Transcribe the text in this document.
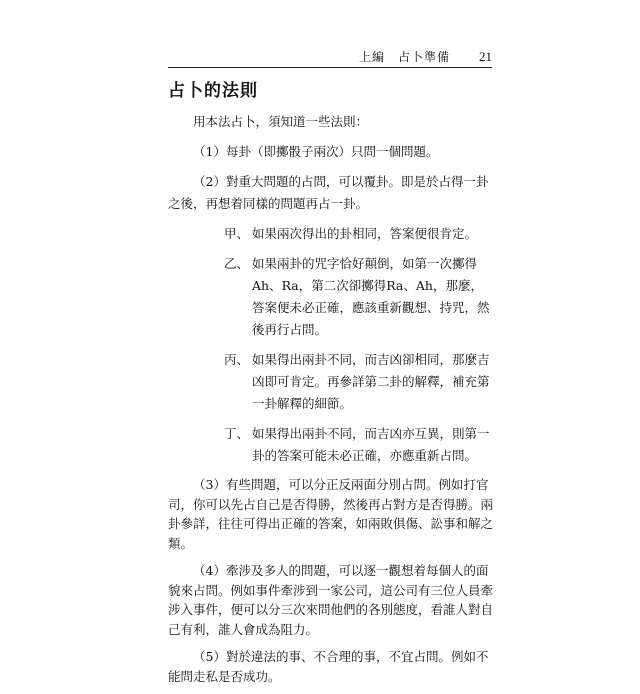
上編　占卜準備 21
占卜的法則

用本法占卜，須知道一些法則：

（1）每卦（即擲骰子兩次）只問一個問題。

（2）對重大問題的占問，可以覆卦。即是於占得一卦之後，再想着同樣的問題再占一卦。

甲、 如果兩次得出的卦相同，答案便很肯定。
乙、 如果兩卦的咒字恰好顛倒，如第一次擲得Ah、Ra，第二次卻擲得Ra、Ah，那麼，答案便未必正確，應該重新觀想、持咒，然後再行占問。
丙、 如果得出兩卦不同，而吉凶卻相同，那麼吉凶即可肯定。再參詳第二卦的解釋，補充第一卦解釋的細節。
丁、 如果得出兩卦不同，而吉凶亦互異，則第一卦的答案可能未必正確，亦應重新占問。

（3）有些問題，可以分正反兩面分別占問。例如打官司，你可以先占自己是否得勝，然後再占對方是否得勝。兩卦參詳，往往可得出正確的答案，如兩敗俱傷、訟事和解之類。

（4）牽涉及多人的問題，可以逐一觀想着每個人的面貌來占問。例如事件牽涉到一家公司，這公司有三位人員牽涉入事件，便可以分三次來問他們的各別態度，看誰人對自己有利，誰人會成為阻力。

（5）對於違法的事、不合理的事，不宜占問。例如不能問走私是否成功。
